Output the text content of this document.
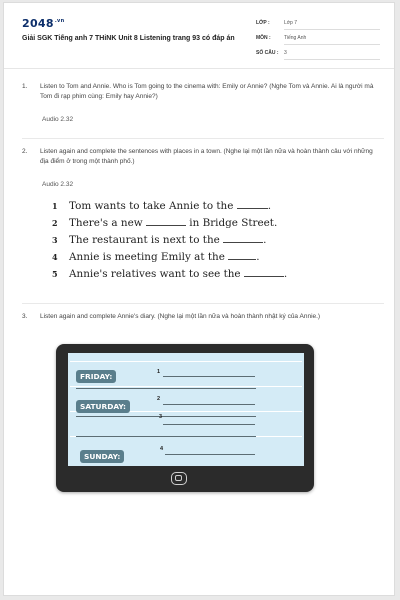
$2048^{.vn}$
Giải SGK Tiếng anh 7 THiNK Unit 8 Listening trang 93 có đáp án
LỚP :	Lớp 7
MÔN :	Tiếng Anh
SỐ CÂU : 3
1. Listen to Tom and Annie. Who is Tom going to the cinema with: Emily or Annie? (Nghe Tom và Annie. Ai là người mà Tom đi rạp phim cùng: Emily hay Annie?)
Audio 2.32
2. Listen again and complete the sentences with places in a town. (Nghe lại một lần nữa và hoàn thành câu với những địa điểm ở trong một thành phố.)
Audio 2.32
1 Tom wants to take Annie to the	.
2 There's a new	in Bridge Street.
3 The restaurant is next to the	.
4 Annie is meeting Emily at the	.
5 Annie's relatives want to see the	.
3. Listen again and complete Annie's diary. (Nghe lại một lần nữa và hoàn thành nhật ký của Annie.)
FRIDAY:
SATURDAY:
SUNDAY:
1
2
3
4
